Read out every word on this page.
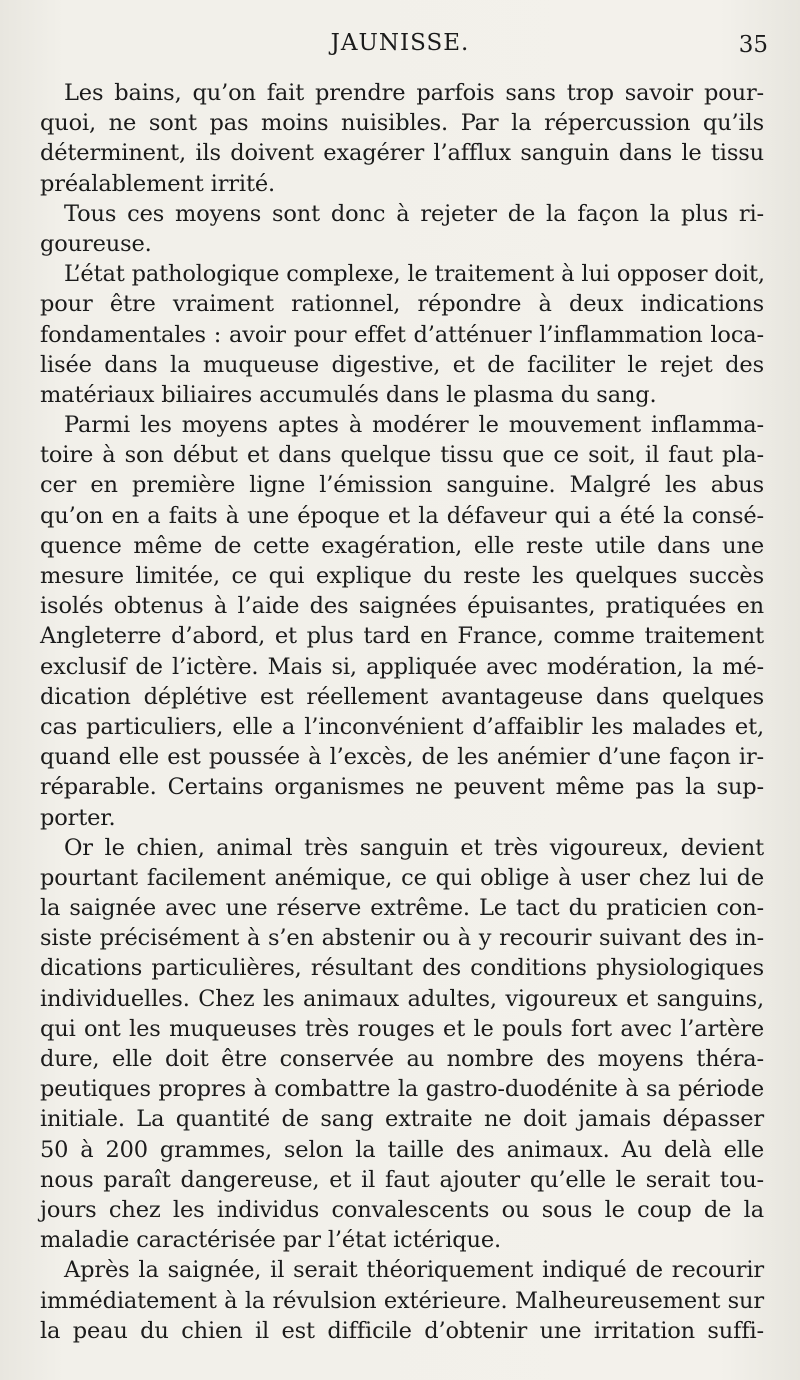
JAUNISSE.	35
Les bains, qu’on fait prendre parfois sans trop savoir pour-
quoi, ne sont pas moins nuisibles. Par la répercussion qu’ils
déterminent, ils doivent exagérer l’afflux sanguin dans le tissu
préalablement irrité.
Tous ces moyens sont donc à rejeter de la façon la plus ri-
goureuse.
L’état pathologique complexe, le traitement à lui opposer doit,
pour être vraiment rationnel, répondre à deux indications
fondamentales : avoir pour effet d’atténuer l’inflammation loca-
lisée dans la muqueuse digestive, et de faciliter le rejet des
matériaux biliaires accumulés dans le plasma du sang.
Parmi les moyens aptes à modérer le mouvement inflamma-
toire à son début et dans quelque tissu que ce soit, il faut pla-
cer en première ligne l’émission sanguine. Malgré les abus
qu’on en a faits à une époque et la défaveur qui a été la consé-
quence même de cette exagération, elle reste utile dans une
mesure limitée, ce qui explique du reste les quelques succès
isolés obtenus à l’aide des saignées épuisantes, pratiquées en
Angleterre d’abord, et plus tard en France, comme traitement
exclusif de l’ictère. Mais si, appliquée avec modération, la mé-
dication déplétive est réellement avantageuse dans quelques
cas particuliers, elle a l’inconvénient d’affaiblir les malades et,
quand elle est poussée à l’excès, de les anémier d’une façon ir-
réparable. Certains organismes ne peuvent même pas la sup-
porter.
Or le chien, animal très sanguin et très vigoureux, devient
pourtant facilement anémique, ce qui oblige à user chez lui de
la saignée avec une réserve extrême. Le tact du praticien con-
siste précisément à s’en abstenir ou à y recourir suivant des in-
dications particulières, résultant des conditions physiologiques
individuelles. Chez les animaux adultes, vigoureux et sanguins,
qui ont les muqueuses très rouges et le pouls fort avec l’artère
dure, elle doit être conservée au nombre des moyens théra-
peutiques propres à combattre la gastro-duodénite à sa période
initiale. La quantité de sang extraite ne doit jamais dépasser
50 à 200 grammes, selon la taille des animaux. Au delà elle
nous paraît dangereuse, et il faut ajouter qu’elle le serait tou-
jours chez les individus convalescents ou sous le coup de la
maladie caractérisée par l’état ictérique.
Après la saignée, il serait théoriquement indiqué de recourir
immédiatement à la révulsion extérieure. Malheureusement sur
la peau du chien il est difficile d’obtenir une irritation suffi-
